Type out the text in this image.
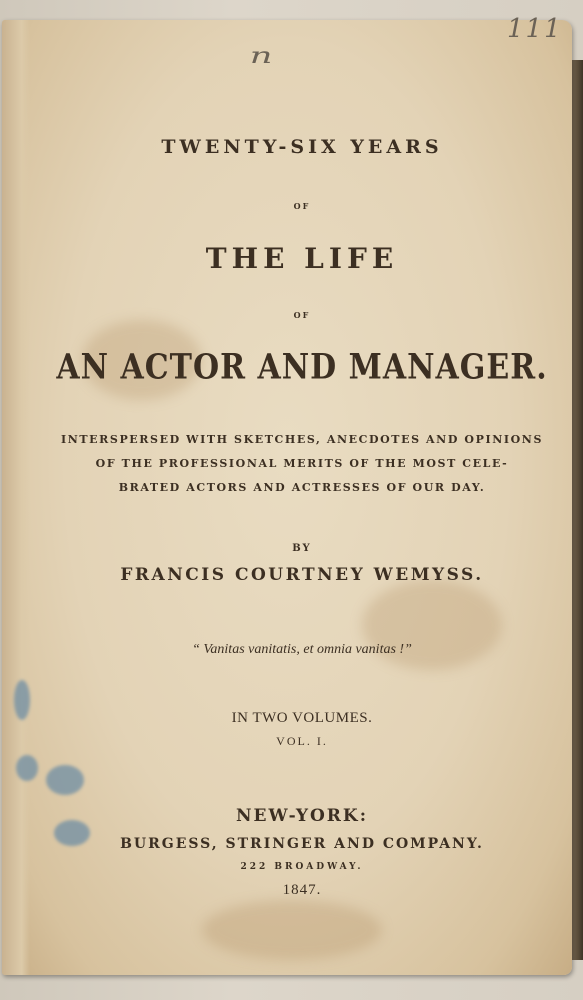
111
n
TWENTY-SIX YEARS
OF
THE LIFE
OF
AN ACTOR AND MANAGER.
INTERSPERSED WITH SKETCHES, ANECDOTES AND OPINIONS
OF THE PROFESSIONAL MERITS OF THE MOST CELE-
BRATED ACTORS AND ACTRESSES OF OUR DAY.
BY
FRANCIS COURTNEY WEMYSS.
“ Vanitas vanitatis, et omnia vanitas !”
IN TWO VOLUMES.
VOL. I.
NEW-YORK:
BURGESS, STRINGER AND COMPANY.
222 BROADWAY.
1847.
